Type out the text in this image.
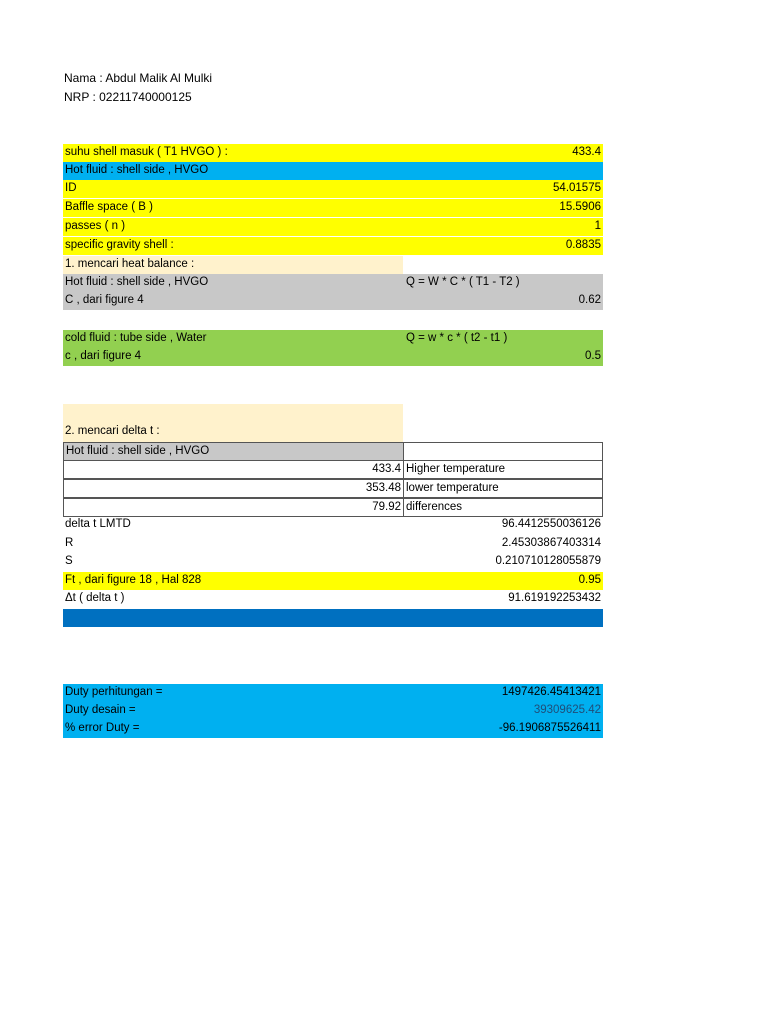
Nama : Abdul Malik Al Mulki
NRP : 02211740000125
suhu shell masuk ( T1 HVGO ) :	433.4
Hot fluid : shell side , HVGO
ID	54.01575
Baffle space ( B )	15.5906
passes ( n )	1
specific gravity shell :	0.8835
1. mencari heat balance :
Hot fluid : shell side , HVGO	Q = W * C * ( T1 - T2 )
C , dari figure 4	0.62
cold fluid : tube side , Water	Q = w * c * ( t2 - t1 )
c , dari figure 4	0.5
2. mencari delta t :
Hot fluid : shell side , HVGO
433.4 Higher temperature
353.48 lower temperature
79.92 differences
delta t LMTD	96.4412550036126
R	2.45303867403314
S	0.210710128055879
Ft , dari figure 18 , Hal 828	0.95
Δt ( delta t )	91.619192253432
Duty perhitungan =	1497426.45413421
Duty desain =	39309625.42
% error Duty =	-96.1906875526411
